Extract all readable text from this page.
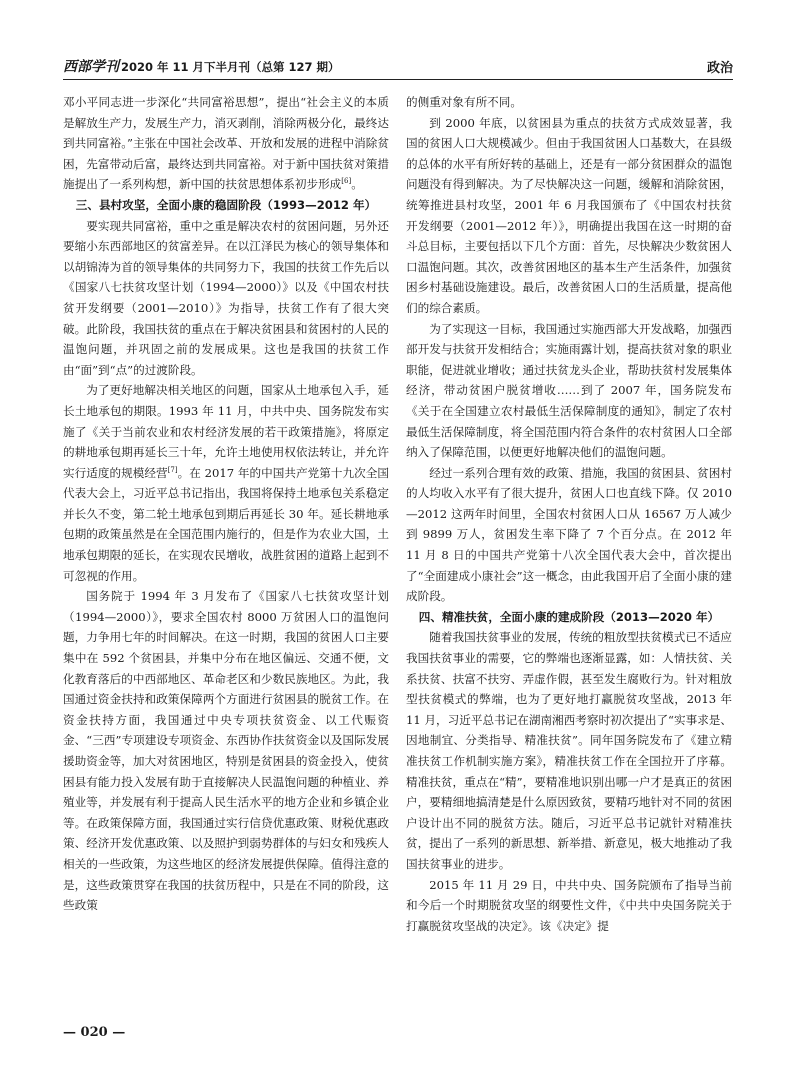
西部学刊 2020 年 11 月下半月刊（总第 127 期）	政治

邓小平同志进一步深化“共同富裕思想”，提出“社会主义的本质是解放生产力，发展生产力，消灭剥削，消除两极分化，最终达到共同富裕。”主张在中国社会改革、开放和发展的进程中消除贫困，先富带动后富，最终达到共同富裕。对于新中国扶贫对策措施提出了一系列构想，新中国的扶贫思想体系初步形成[6]。

三、县村攻坚，全面小康的稳固阶段（1993—2012 年）

要实现共同富裕，重中之重是解决农村的贫困问题，另外还要缩小东西部地区的贫富差异。在以江泽民为核心的领导集体和以胡锦涛为首的领导集体的共同努力下，我国的扶贫工作先后以《国家八七扶贫攻坚计划（1994—2000）》以及《中国农村扶贫开发纲要（2001—2010）》为指导，扶贫工作有了很大突破。此阶段，我国扶贫的重点在于解决贫困县和贫困村的人民的温饱问题，并巩固之前的发展成果。这也是我国的扶贫工作由“面”到“点”的过渡阶段。

为了更好地解决相关地区的问题，国家从土地承包入手，延长土地承包的期限。1993 年 11 月，中共中央、国务院发布实施了《关于当前农业和农村经济发展的若干政策措施》，将原定的耕地承包期再延长三十年，允许土地使用权依法转让，并允许实行适度的规模经营[7]。在 2017 年的中国共产党第十九次全国代表大会上，习近平总书记指出，我国将保持土地承包关系稳定并长久不变，第二轮土地承包到期后再延长 30 年。延长耕地承包期的政策虽然是在全国范围内施行的，但是作为农业大国，土地承包期限的延长，在实现农民增收，战胜贫困的道路上起到不可忽视的作用。

国务院于 1994 年 3 月发布了《国家八七扶贫攻坚计划（1994—2000）》，要求全国农村 8000 万贫困人口的温饱问题，力争用七年的时间解决。在这一时期，我国的贫困人口主要集中在 592 个贫困县，并集中分布在地区偏远、交通不便，文化教育落后的中西部地区、革命老区和少数民族地区。为此，我国通过资金扶持和政策保障两个方面进行贫困县的脱贫工作。在资金扶持方面，我国通过中央专项扶贫资金、以工代赈资金、“三西”专项建设专项资金、东西协作扶贫资金以及国际发展援助资金等，加大对贫困地区，特别是贫困县的资金投入，使贫困县有能力投入发展有助于直接解决人民温饱问题的种植业、养殖业等，并发展有利于提高人民生活水平的地方企业和乡镇企业等。在政策保障方面，我国通过实行信贷优惠政策、财税优惠政策、经济开发优惠政策、以及照护到弱势群体的与妇女和残疾人相关的一些政策，为这些地区的经济发展提供保障。值得注意的是，这些政策贯穿在我国的扶贫历程中，只是在不同的阶段，这些政策

的侧重对象有所不同。

到 2000 年底，以贫困县为重点的扶贫方式成效显著，我国的贫困人口大规模减少。但由于我国贫困人口基数大，在县级的总体的水平有所好转的基础上，还是有一部分贫困群众的温饱问题没有得到解决。为了尽快解决这一问题，缓解和消除贫困，统筹推进县村攻坚，2001 年 6 月我国颁布了《中国农村扶贫开发纲要（2001—2012 年）》，明确提出我国在这一时期的奋斗总目标，主要包括以下几个方面：首先，尽快解决少数贫困人口温饱问题。其次，改善贫困地区的基本生产生活条件，加强贫困乡村基础设施建设。最后，改善贫困人口的生活质量，提高他们的综合素质。

为了实现这一目标，我国通过实施西部大开发战略，加强西部开发与扶贫开发相结合；实施雨露计划，提高扶贫对象的职业职能，促进就业增收；通过扶贫龙头企业，帮助扶贫村发展集体经济，带动贫困户脱贫增收……到了 2007 年，国务院发布《关于在全国建立农村最低生活保障制度的通知》，制定了农村最低生活保障制度，将全国范围内符合条件的农村贫困人口全部纳入了保障范围，以便更好地解决他们的温饱问题。

经过一系列合理有效的政策、措施，我国的贫困县、贫困村的人均收入水平有了很大提升，贫困人口也直线下降。仅 2010—2012 这两年时间里，全国农村贫困人口从 16567 万人减少到 9899 万人，贫困发生率下降了 7 个百分点。在 2012 年 11 月 8 日的中国共产党第十八次全国代表大会中，首次提出了“全面建成小康社会”这一概念，由此我国开启了全面小康的建成阶段。

四、精准扶贫，全面小康的建成阶段（2013—2020 年）

随着我国扶贫事业的发展，传统的粗放型扶贫模式已不适应我国扶贫事业的需要，它的弊端也逐渐显露，如：人情扶贫、关系扶贫、扶富不扶穷、弄虚作假，甚至发生腐败行为。针对粗放型扶贫模式的弊端，也为了更好地打赢脱贫攻坚战，2013 年 11 月，习近平总书记在湖南湘西考察时初次提出了“实事求是、因地制宜、分类指导、精准扶贫”。同年国务院发布了《建立精准扶贫工作机制实施方案》，精准扶贫工作在全国拉开了序幕。精准扶贫，重点在“精”，要精准地识别出哪一户才是真正的贫困户，要精细地搞清楚是什么原因致贫，要精巧地针对不同的贫困户设计出不同的脱贫方法。随后，习近平总书记就针对精准扶贫，提出了一系列的新思想、新举措、新意见，极大地推动了我国扶贫事业的进步。

2015 年 11 月 29 日，中共中央、国务院颁布了指导当前和今后一个时期脱贫攻坚的纲要性文件，《中共中央国务院关于打赢脱贫攻坚战的决定》。该《决定》提

— 020 —
